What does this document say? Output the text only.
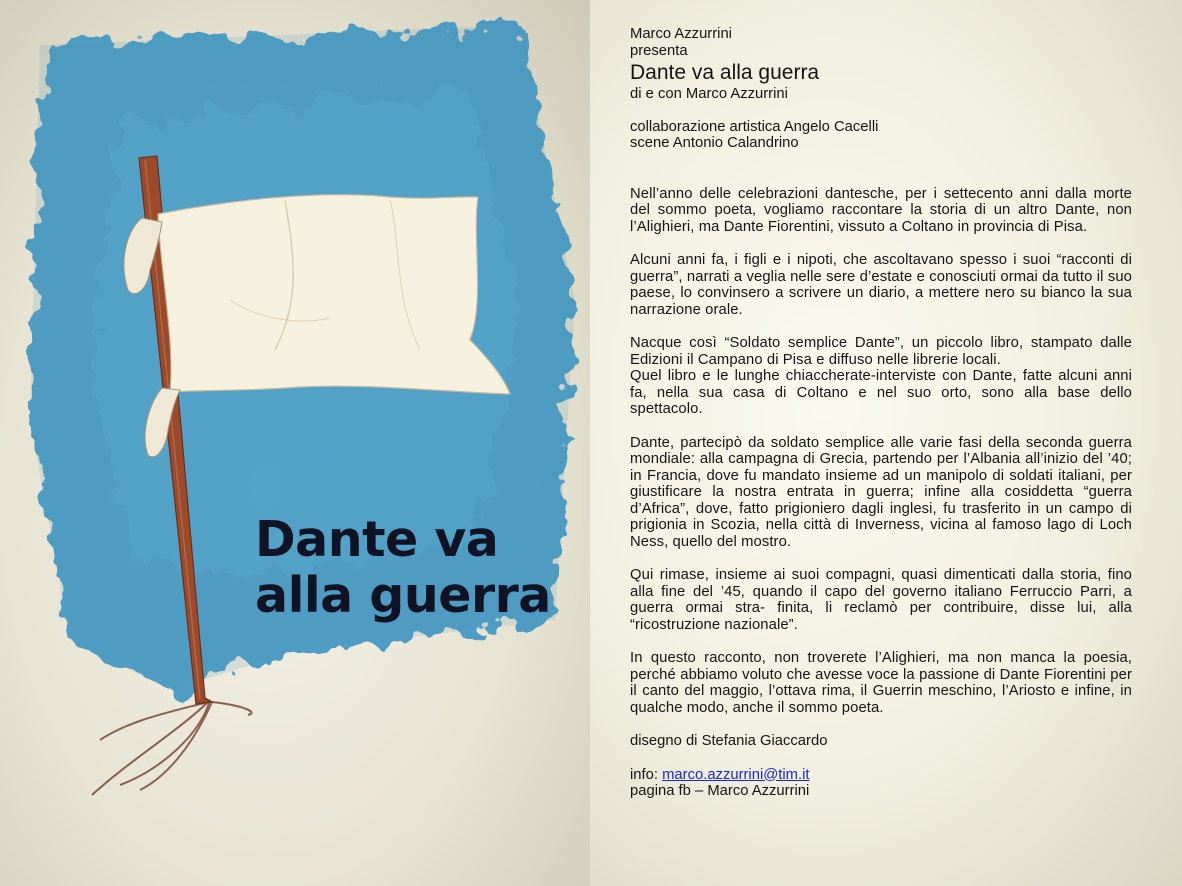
Dante va
alla guerra
Marco Azzurrini
presenta
Dante va alla guerra
di e con Marco Azzurrini
collaborazione artistica Angelo Cacelli
scene Antonio Calandrino

Nell’anno delle celebrazioni dantesche, per i settecento anni dalla morte del sommo poeta, vogliamo raccontare la storia di un altro Dante, non l’Alighieri, ma Dante Fiorentini, vissuto a Coltano in provincia di Pisa.

Alcuni anni fa, i figli e i nipoti, che ascoltavano spesso i suoi “racconti di guerra”, narrati a veglia nelle sere d’estate e conosciuti ormai da tutto il suo paese, lo convinsero a scrivere un diario, a mettere nero su bianco la sua narrazione orale.

Nacque così “Soldato semplice Dante”, un piccolo libro, stampato dalle Edizioni il Campano di Pisa e diffuso nelle librerie locali.
Quel libro e le lunghe chiaccherate-interviste con Dante, fatte alcuni anni fa, nella sua casa di Coltano e nel suo orto, sono alla base dello spettacolo.

Dante, partecipò da soldato semplice alle varie fasi della seconda guerra mondiale: alla campagna di Grecia, partendo per l’Albania all’inizio del ’40; in Francia, dove fu mandato insieme ad un manipolo di soldati italiani, per giustificare la nostra entrata in guerra; infine alla cosiddetta “guerra d’Africa”, dove, fatto prigioniero dagli inglesi, fu trasferito in un campo di prigionia in Scozia, nella città di Inverness, vicina al famoso lago di Loch Ness, quello del mostro.

Qui rimase, insieme ai suoi compagni, quasi dimenticati dalla storia, fino alla fine del ’45, quando il capo del governo italiano Ferruccio Parri, a guerra ormai stra- finita, li reclamò per contribuire, disse lui, alla “ricostruzione nazionale”.

In questo racconto, non troverete l’Alighieri, ma non manca la poesia, perché abbiamo voluto che avesse voce la passione di Dante Fiorentini per il canto del maggio, l’ottava rima, il Guerrin meschino, l’Ariosto e infine, in qualche modo, anche il sommo poeta.

disegno di Stefania Giaccardo
info: marco.azzurrini@tim.it
pagina fb – Marco Azzurrini
